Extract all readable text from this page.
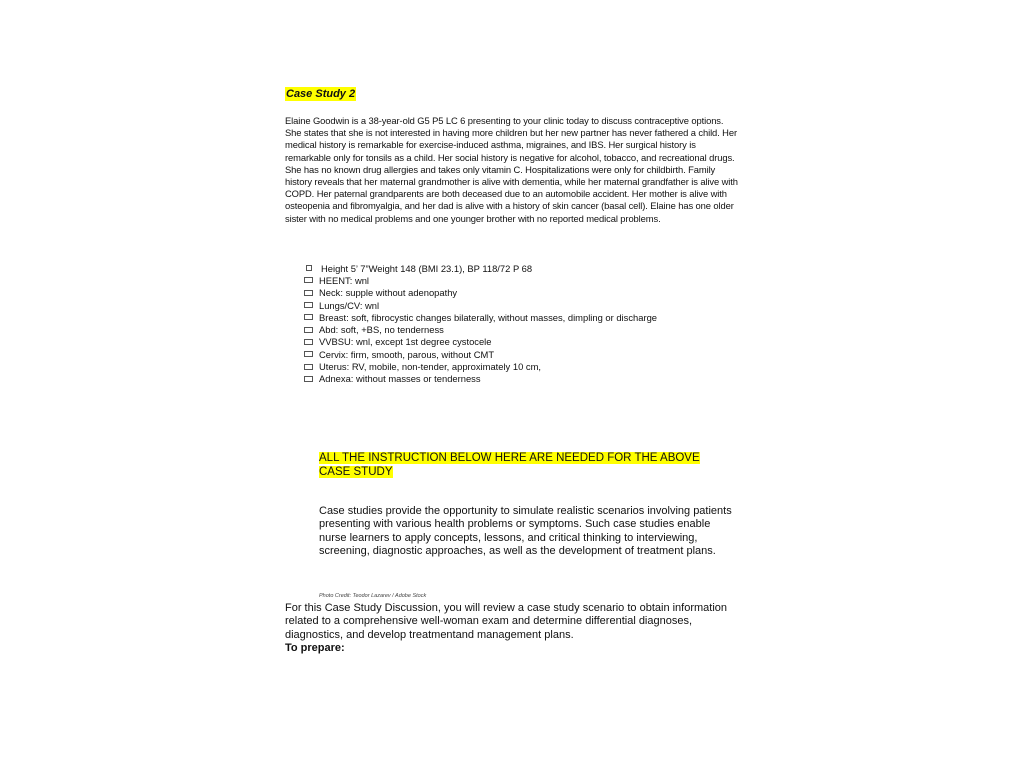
Case Study 2
Elaine Goodwin is a 38-year-old G5 P5 LC 6 presenting to your clinic today to discuss contraceptive options. She states that she is not interested in having more children but her new partner has never fathered a child. Her medical history is remarkable for exercise-induced asthma, migraines, and IBS. Her surgical history is remarkable only for tonsils as a child. Her social history is negative for alcohol, tobacco, and recreational drugs. She has no known drug allergies and takes only vitamin C. Hospitalizations were only for childbirth. Family history reveals that her maternal grandmother is alive with dementia, while her maternal grandfather is alive with COPD. Her paternal grandparents are both deceased due to an automobile accident. Her mother is alive with osteopenia and fibromyalgia, and her dad is alive with a history of skin cancer (basal cell). Elaine has one older sister with no medical problems and one younger brother with no reported medical problems.
Height 5’ 7”Weight 148 (BMI 23.1), BP 118/72 P 68
HEENT: wnl
Neck: supple without adenopathy
Lungs/CV: wnl
Breast: soft, fibrocystic changes bilaterally, without masses, dimpling or discharge
Abd: soft, +BS, no tenderness
VVBSU: wnl, except 1st degree cystocele
Cervix: firm, smooth, parous, without CMT
Uterus: RV, mobile, non-tender, approximately 10 cm,
Adnexa: without masses or tenderness
ALL THE INSTRUCTION BELOW HERE ARE NEEDED FOR THE ABOVE CASE STUDY
Case studies provide the opportunity to simulate realistic scenarios involving patients presenting with various health problems or symptoms. Such case studies enable nurse learners to apply concepts, lessons, and critical thinking to interviewing, screening, diagnostic approaches, as well as the development of treatment plans.
Photo Credit: Teodor Lazarev / Adobe Stock
For this Case Study Discussion, you will review a case study scenario to obtain information related to a comprehensive well-woman exam and determine differential diagnoses, diagnostics, and develop treatmentand management plans.
To prepare:
